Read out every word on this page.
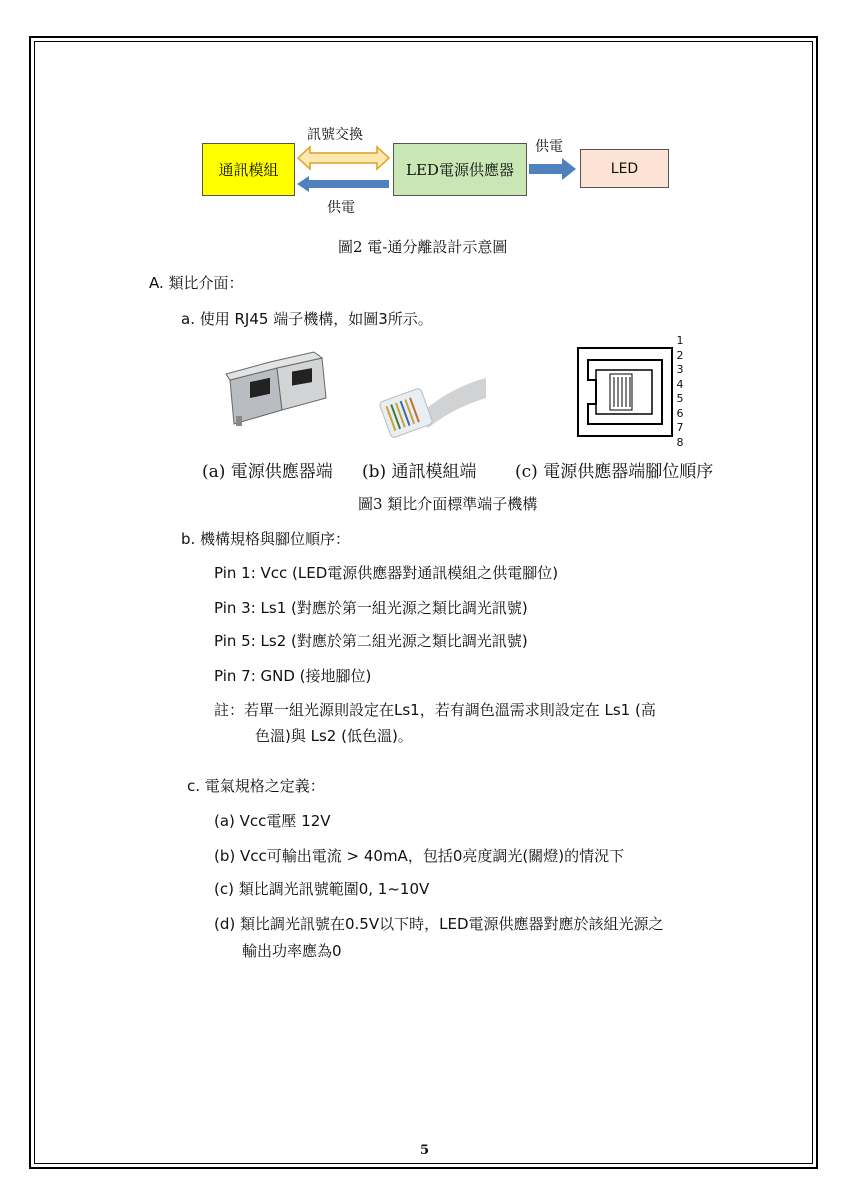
通訊模組	LED電源供應器	LED
訊號交換
供電
供電
圖2 電-通分離設計示意圖
A. 類比介面：
a. 使用 RJ45 端子機構，如圖3所示。
1
2
3
4
5
6
7
8
(a) 電源供應器端 (b) 通訊模組端 (c) 電源供應器端腳位順序
圖3 類比介面標準端子機構
b. 機構規格與腳位順序：
Pin 1: Vcc (LED電源供應器對通訊模組之供電腳位)
Pin 3: Ls1 (對應於第一組光源之類比調光訊號)
Pin 5: Ls2 (對應於第二組光源之類比調光訊號)
Pin 7: GND (接地腳位)
註：若單一組光源則設定在Ls1，若有調色溫需求則設定在 Ls1 (高
色溫)與 Ls2 (低色溫)。
c. 電氣規格之定義：
(a) Vcc電壓 12V
(b) Vcc可輸出電流 > 40mA，包括0亮度調光(關燈)的情況下
(c) 類比調光訊號範圍0, 1~10V
(d) 類比調光訊號在0.5V以下時，LED電源供應器對應於該組光源之
輸出功率應為0
5
